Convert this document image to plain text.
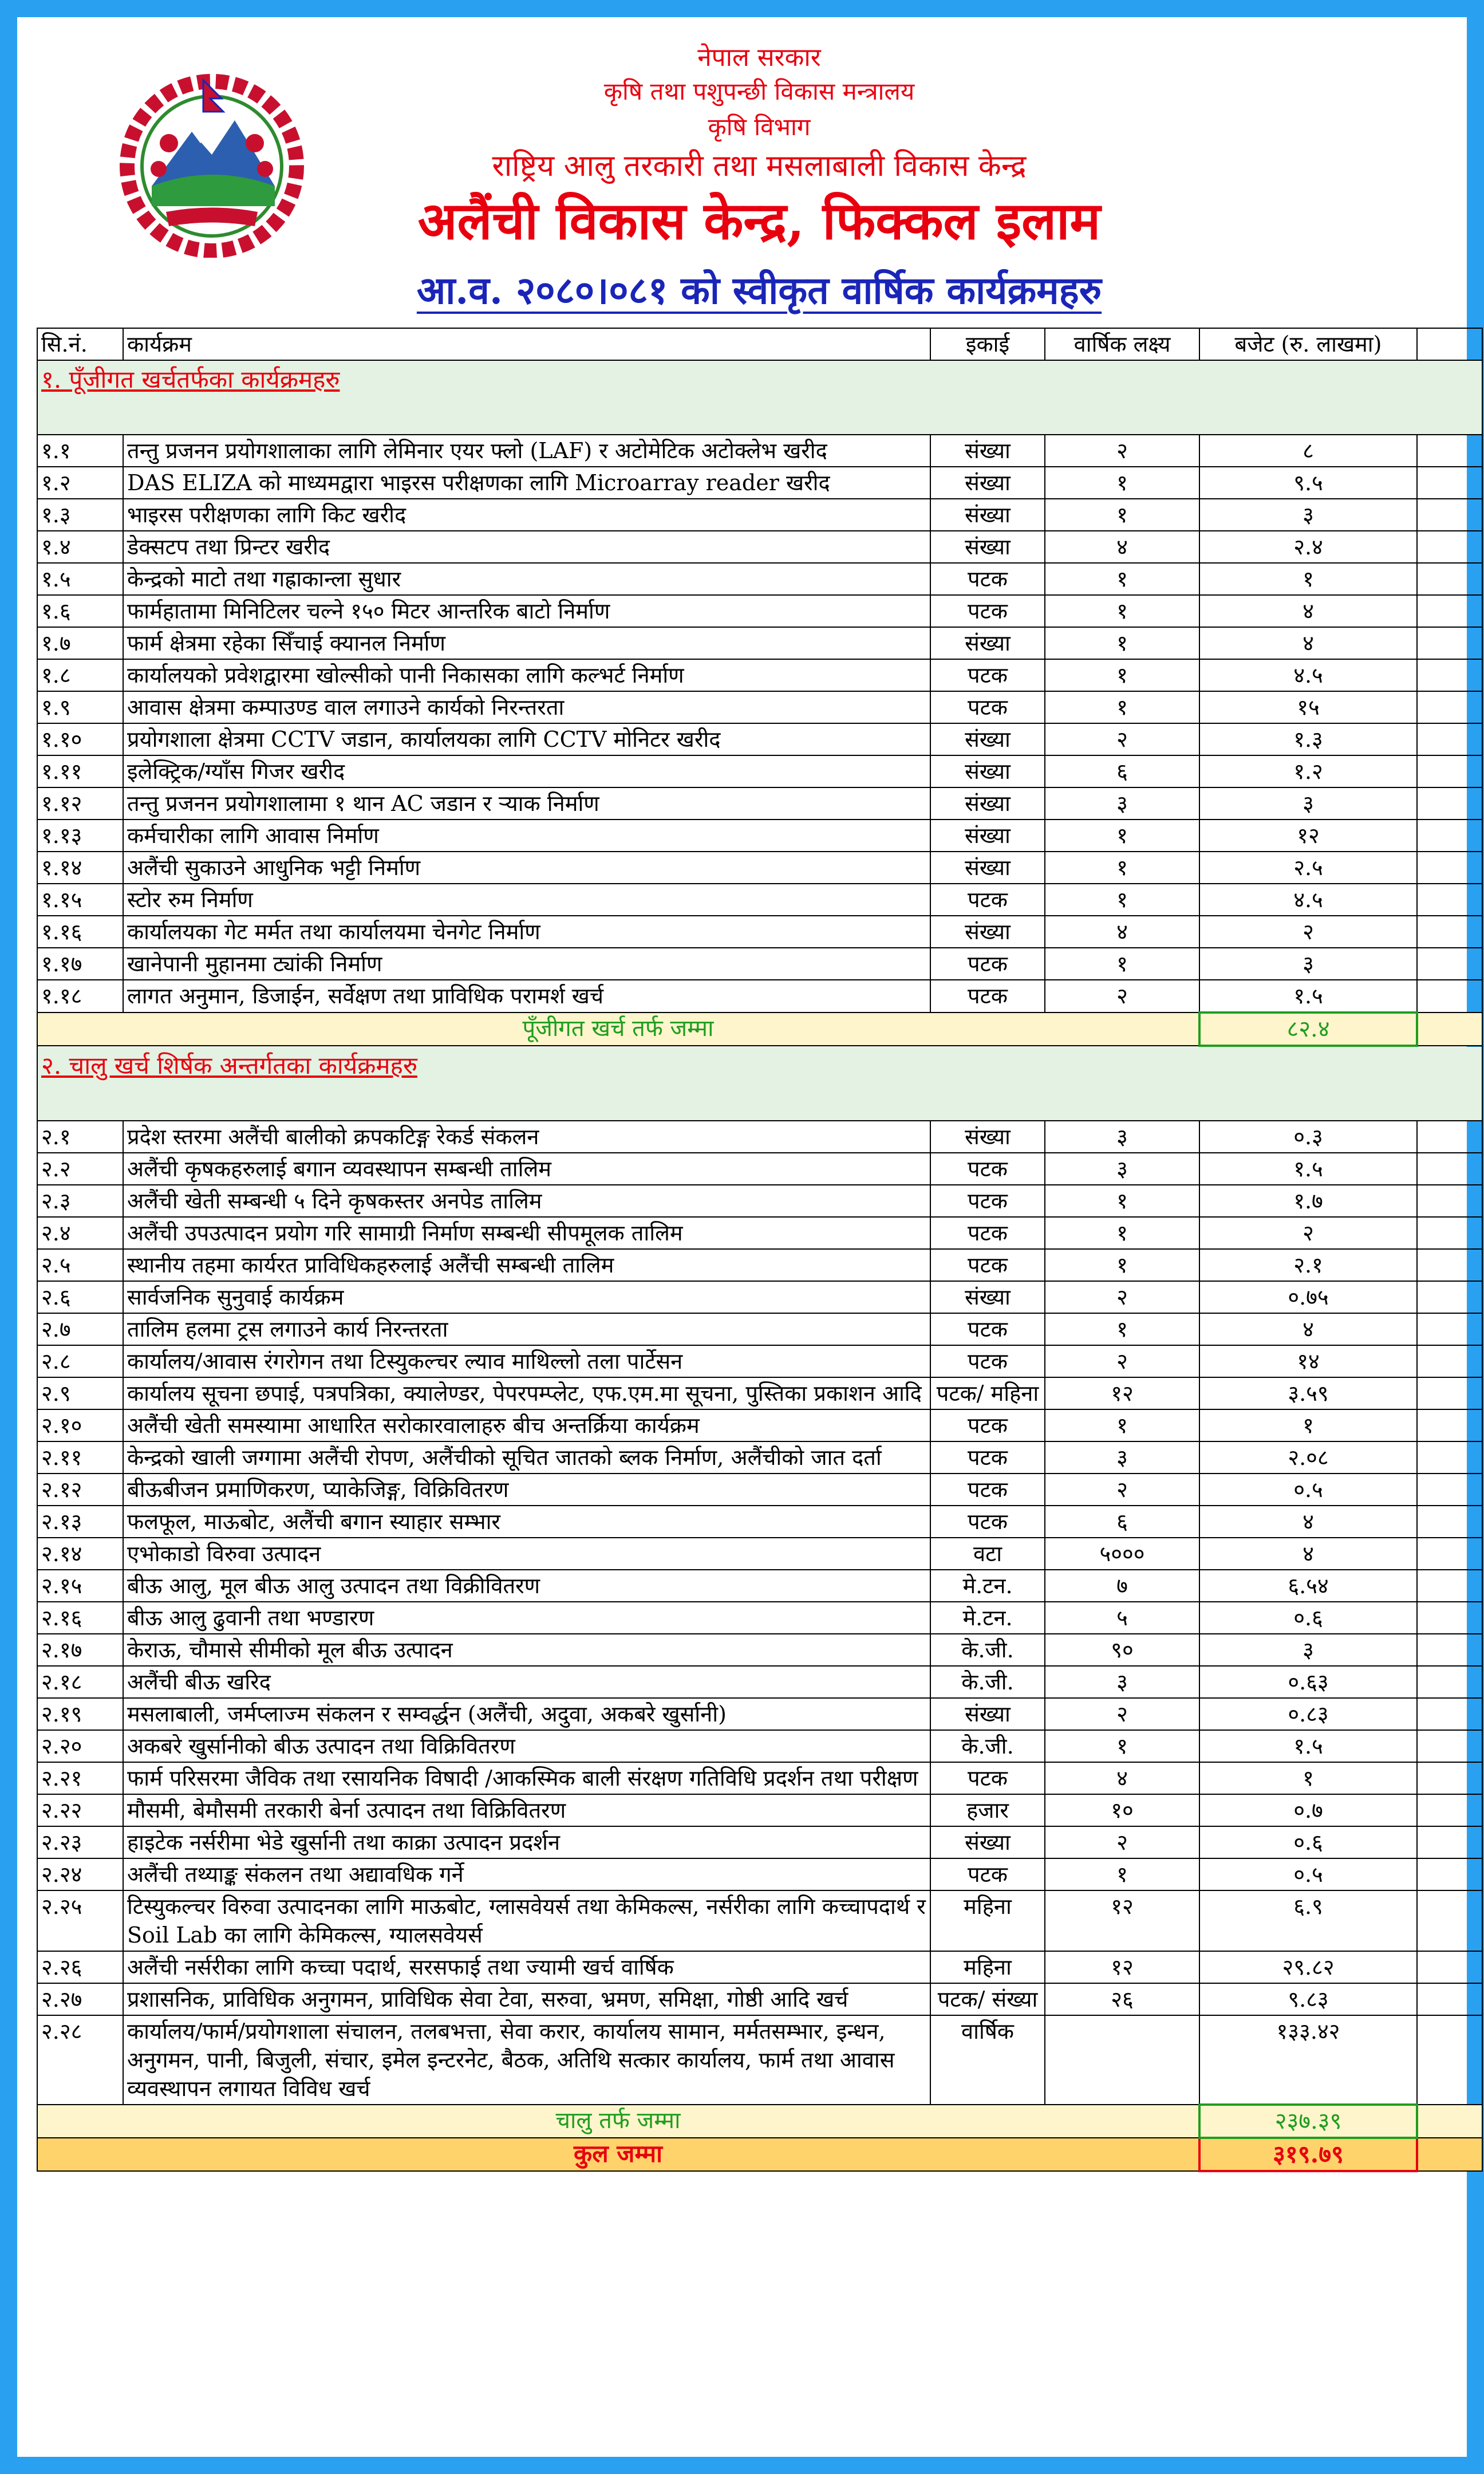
नेपाल सरकार
कृषि तथा पशुपन्छी विकास मन्त्रालय
कृषि विभाग
राष्ट्रिय आलु तरकारी तथा मसलाबाली विकास केन्द्र
अलैंची विकास केन्द्र, फिक्कल इलाम
आ.व. २०८०।०८१ को स्वीकृत वार्षिक कार्यक्रमहरु
सि.नं.	कार्यक्रम	इकाई	वार्षिक लक्ष्य	बजेट (रु. लाखमा)	
१. पूँजीगत खर्चतर्फका कार्यक्रमहरु					
१.१	तन्तु प्रजनन प्रयोगशालाका लागि लेमिनार एयर फ्लो (LAF) र अटोमेटिक अटोक्लेभ खरीद	संख्या	२	८	
१.२	DAS ELIZA को माध्यमद्वारा भाइरस परीक्षणका लागि Microarray reader खरीद	संख्या	१	९.५	
१.३	भाइरस परीक्षणका लागि किट खरीद	संख्या	१	३	
१.४	डेक्सटप तथा प्रिन्टर खरीद	संख्या	४	२.४	
१.५	केन्द्रको माटो तथा गह्राकान्ला सुधार	पटक	१	१	
१.६	फार्महातामा मिनिटिलर चल्ने १५० मिटर आन्तरिक बाटो निर्माण	पटक	१	४	
१.७	फार्म क्षेत्रमा रहेका सिँचाई क्यानल निर्माण	संख्या	१	४	
१.८	कार्यालयको प्रवेशद्वारमा खोल्सीको पानी निकासका लागि कल्भर्ट निर्माण	पटक	१	४.५	
१.९	आवास क्षेत्रमा कम्पाउण्ड वाल लगाउने कार्यको निरन्तरता	पटक	१	१५	
१.१०	प्रयोगशाला क्षेत्रमा CCTV जडान, कार्यालयका लागि CCTV मोनिटर खरीद	संख्या	२	१.३	
१.११	इलेक्ट्रिक/ग्याँस गिजर खरीद	संख्या	६	१.२	
१.१२	तन्तु प्रजनन प्रयोगशालामा १ थान AC जडान र र्‍याक निर्माण	संख्या	३	३	
१.१३	कर्मचारीका लागि आवास निर्माण	संख्या	१	१२	
१.१४	अलैंची सुकाउने आधुनिक भट्टी निर्माण	संख्या	१	२.५	
१.१५	स्टोर रुम निर्माण	पटक	१	४.५	
१.१६	कार्यालयका गेट मर्मत तथा कार्यालयमा चेनगेट निर्माण	संख्या	४	२	
१.१७	खानेपानी मुहानमा ट्यांकी निर्माण	पटक	१	३	
१.१८	लागत अनुमान, डिजाईन, सर्वेक्षण तथा प्राविधिक परामर्श खर्च	पटक	२	१.५	
पूँजीगत खर्च तर्फ जम्मा				८२.४	
२. चालु खर्च शिर्षक अन्तर्गतका कार्यक्रमहरु					
२.१	प्रदेश स्तरमा अलैंची बालीको क्रपकटिङ्ग रेकर्ड संकलन	संख्या	३	०.३	
२.२	अलैंची कृषकहरुलाई बगान व्यवस्थापन सम्बन्धी तालिम	पटक	३	१.५	
२.३	अलैंची खेती सम्बन्धी ५ दिने कृषकस्तर अनपेड तालिम	पटक	१	१.७	
२.४	अलैंची उपउत्पादन प्रयोग गरि सामाग्री निर्माण सम्बन्धी सीपमूलक तालिम	पटक	१	२	
२.५	स्थानीय तहमा कार्यरत प्राविधिकहरुलाई अलैंची सम्बन्धी तालिम	पटक	१	२.१	
२.६	सार्वजनिक सुनुवाई कार्यक्रम	संख्या	२	०.७५	
२.७	तालिम हलमा ट्रस लगाउने कार्य निरन्तरता	पटक	१	४	
२.८	कार्यालय/आवास रंगरोगन तथा टिस्युकल्चर ल्याव माथिल्लो तला पार्टेसन	पटक	२	१४	
२.९	कार्यालय सूचना छपाई, पत्रपत्रिका, क्यालेण्डर, पेपरपम्प्लेट, एफ.एम.मा सूचना, पुस्तिका प्रकाशन आदि	पटक/ महिना	१२	३.५९	
२.१०	अलैंची खेती समस्यामा आधारित सरोकारवालाहरु बीच अन्तर्क्रिया कार्यक्रम	पटक	१	१	
२.११	केन्द्रको खाली जग्गामा अलैंची रोपण, अलैंचीको सूचित जातको ब्लक निर्माण, अलैंचीको जात दर्ता	पटक	३	२.०८	
२.१२	बीऊबीजन प्रमाणिकरण, प्याकेजिङ्ग, विक्रिवितरण	पटक	२	०.५	
२.१३	फलफूल, माऊबोट, अलैंची बगान स्याहार सम्भार	पटक	६	४	
२.१४	एभोकाडो विरुवा उत्पादन	वटा	५०००	४	
२.१५	बीऊ आलु, मूल बीऊ आलु उत्पादन तथा विक्रीवितरण	मे.टन.	७	६.५४	
२.१६	बीऊ आलु ढुवानी तथा भण्डारण	मे.टन.	५	०.६	
२.१७	केराऊ, चौमासे सीमीको मूल बीऊ उत्पादन	के.जी.	९०	३	
२.१८	अलैंची बीऊ खरिद	के.जी.	३	०.६३	
२.१९	मसलाबाली, जर्मप्लाज्म संकलन र सम्वर्द्धन (अलैंची, अदुवा, अकबरे खुर्सानी)	संख्या	२	०.८३	
२.२०	अकबरे खुर्सानीको बीऊ उत्पादन तथा विक्रिवितरण	के.जी.	१	१.५	
२.२१	फार्म परिसरमा जैविक तथा रसायनिक विषादी /आकस्मिक बाली संरक्षण गतिविधि प्रदर्शन तथा परीक्षण	पटक	४	१	
२.२२	मौसमी, बेमौसमी तरकारी बेर्ना उत्पादन तथा विक्रिवितरण	हजार	१०	०.७	
२.२३	हाइटेक नर्सरीमा भेडे खुर्सानी तथा काक्रा उत्पादन प्रदर्शन	संख्या	२	०.६	
२.२४	अलैंची तथ्याङ्क संकलन तथा अद्यावधिक गर्ने	पटक	१	०.५	
२.२५	टिस्युकल्चर विरुवा उत्पादनका लागि माऊबोट, ग्लासवेयर्स तथा केमिकल्स, नर्सरीका लागि कच्चापदार्थ र Soil Lab का लागि केमिकल्स, ग्यालसवेयर्स	महिना	१२	६.९	
२.२६	अलैंची नर्सरीका लागि कच्चा पदार्थ, सरसफाई तथा ज्यामी खर्च वार्षिक	महिना	१२	२९.८२	
२.२७	प्रशासनिक, प्राविधिक अनुगमन, प्राविधिक सेवा टेवा, सरुवा, भ्रमण, समिक्षा, गोष्ठी आदि खर्च	पटक/ संख्या	२६	९.८३	
२.२८	कार्यालय/फार्म/प्रयोगशाला संचालन, तलबभत्ता, सेवा करार, कार्यालय सामान, मर्मतसम्भार, इन्धन, अनुगमन, पानी, बिजुली, संचार, इमेल इन्टरनेट, बैठक, अतिथि सत्कार कार्यालय, फार्म तथा आवास व्यवस्थापन लगायत विविध खर्च	वार्षिक		१३३.४२	
चालु तर्फ जम्मा				२३७.३९	
कुल जम्मा				३१९.७९	
